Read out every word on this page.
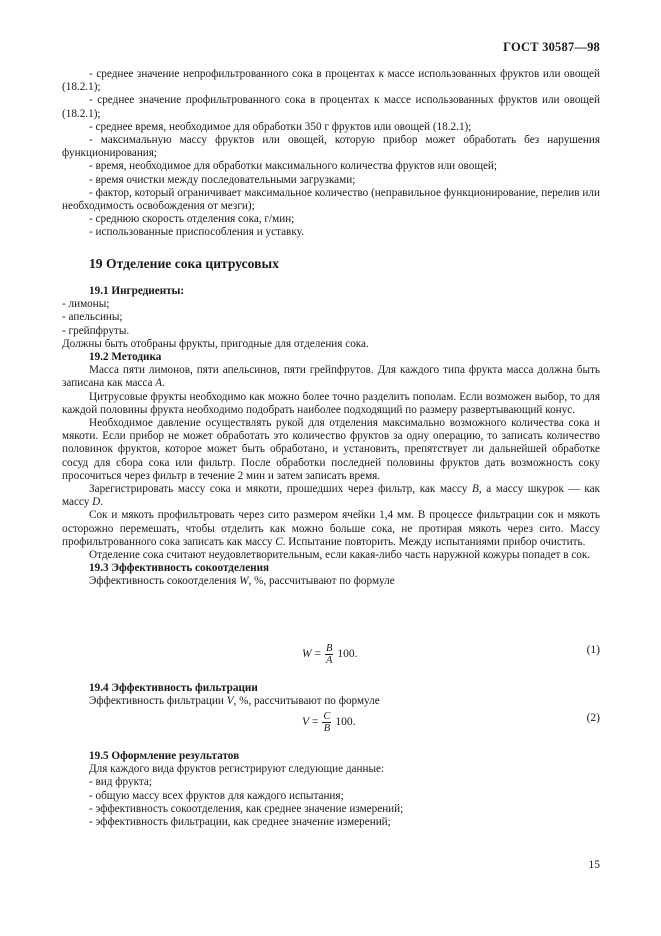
ГОСТ 30587—98

- среднее значение непрофильтрованного сока в процентах к массе использованных фруктов или овощей (18.2.1);

- среднее значение профильтрованного сока в процентах к массе использованных фруктов или овощей (18.2.1);

- среднее время, необходимое для обработки 350 г фруктов или овощей (18.2.1);

- максимальную массу фруктов или овощей, которую прибор может обработать без нарушения функционирования;

- время, необходимое для обработки максимального количества фруктов или овощей;

- время очистки между последовательными загрузками;

- фактор, который ограничивает максимальное количество (неправильное функционирование, перелив или необходимость освобождения от мезги);

- среднюю скорость отделения сока, г/мин;

- использованные приспособления и уставку.

19 Отделение сока цитрусовых

19.1 Ингредиенты:

- лимоны;

- апельсины;

- грейпфруты.

Должны быть отобраны фрукты, пригодные для отделения сока.

19.2 Методика

Масса пяти лимонов, пяти апельсинов, пяти грейпфрутов. Для каждого типа фрукта масса должна быть записана как масса A.

Цитрусовые фрукты необходимо как можно более точно разделить пополам. Если возможен выбор, то для каждой половины фрукта необходимо подобрать наиболее подходящий по размеру развертывающий конус.

Необходимое давление осуществлять рукой для отделения максимально возможного количества сока и мякоти. Если прибор не может обработать это количество фруктов за одну операцию, то записать количество половинок фруктов, которое может быть обработано, и установить, препятствует ли дальнейшей обработке сосуд для сбора сока или фильтр. После обработки последней половины фруктов дать возможность соку просочиться через фильтр в течение 2 мин и затем записать время.

Зарегистрировать массу сока и мякоти, прошедших через фильтр, как массу B, а массу шкурок — как массу D.

Сок и мякоть профильтровать через сито размером ячейки 1,4 мм. В процессе фильтрации сок и мякоть осторожно перемешать, чтобы отделить как можно больше сока, не протирая мякоть через сито. Массу профильтрованного сока записать как массу C. Испытание повторить. Между испытаниями прибор очистить.

Отделение сока считают неудовлетворительным, если какая-либо часть наружной кожуры попадет в сок.

19.3 Эффективность сокоотделения

Эффективность сокоотделения W, %, рассчитывают по формуле

$W = \frac{B}{A} 100$.	(1)

19.4 Эффективность фильтрации

Эффективность фильтрации V, %, рассчитывают по формуле

$V = \frac{C}{B} 100$.	(2)

19.5 Оформление результатов

Для каждого вида фруктов регистрируют следующие данные:

- вид фрукта;

- общую массу всех фруктов для каждого испытания;

- эффективность сокоотделения, как среднее значение измерений;

- эффективность фильтрации, как среднее значение измерений;

15
